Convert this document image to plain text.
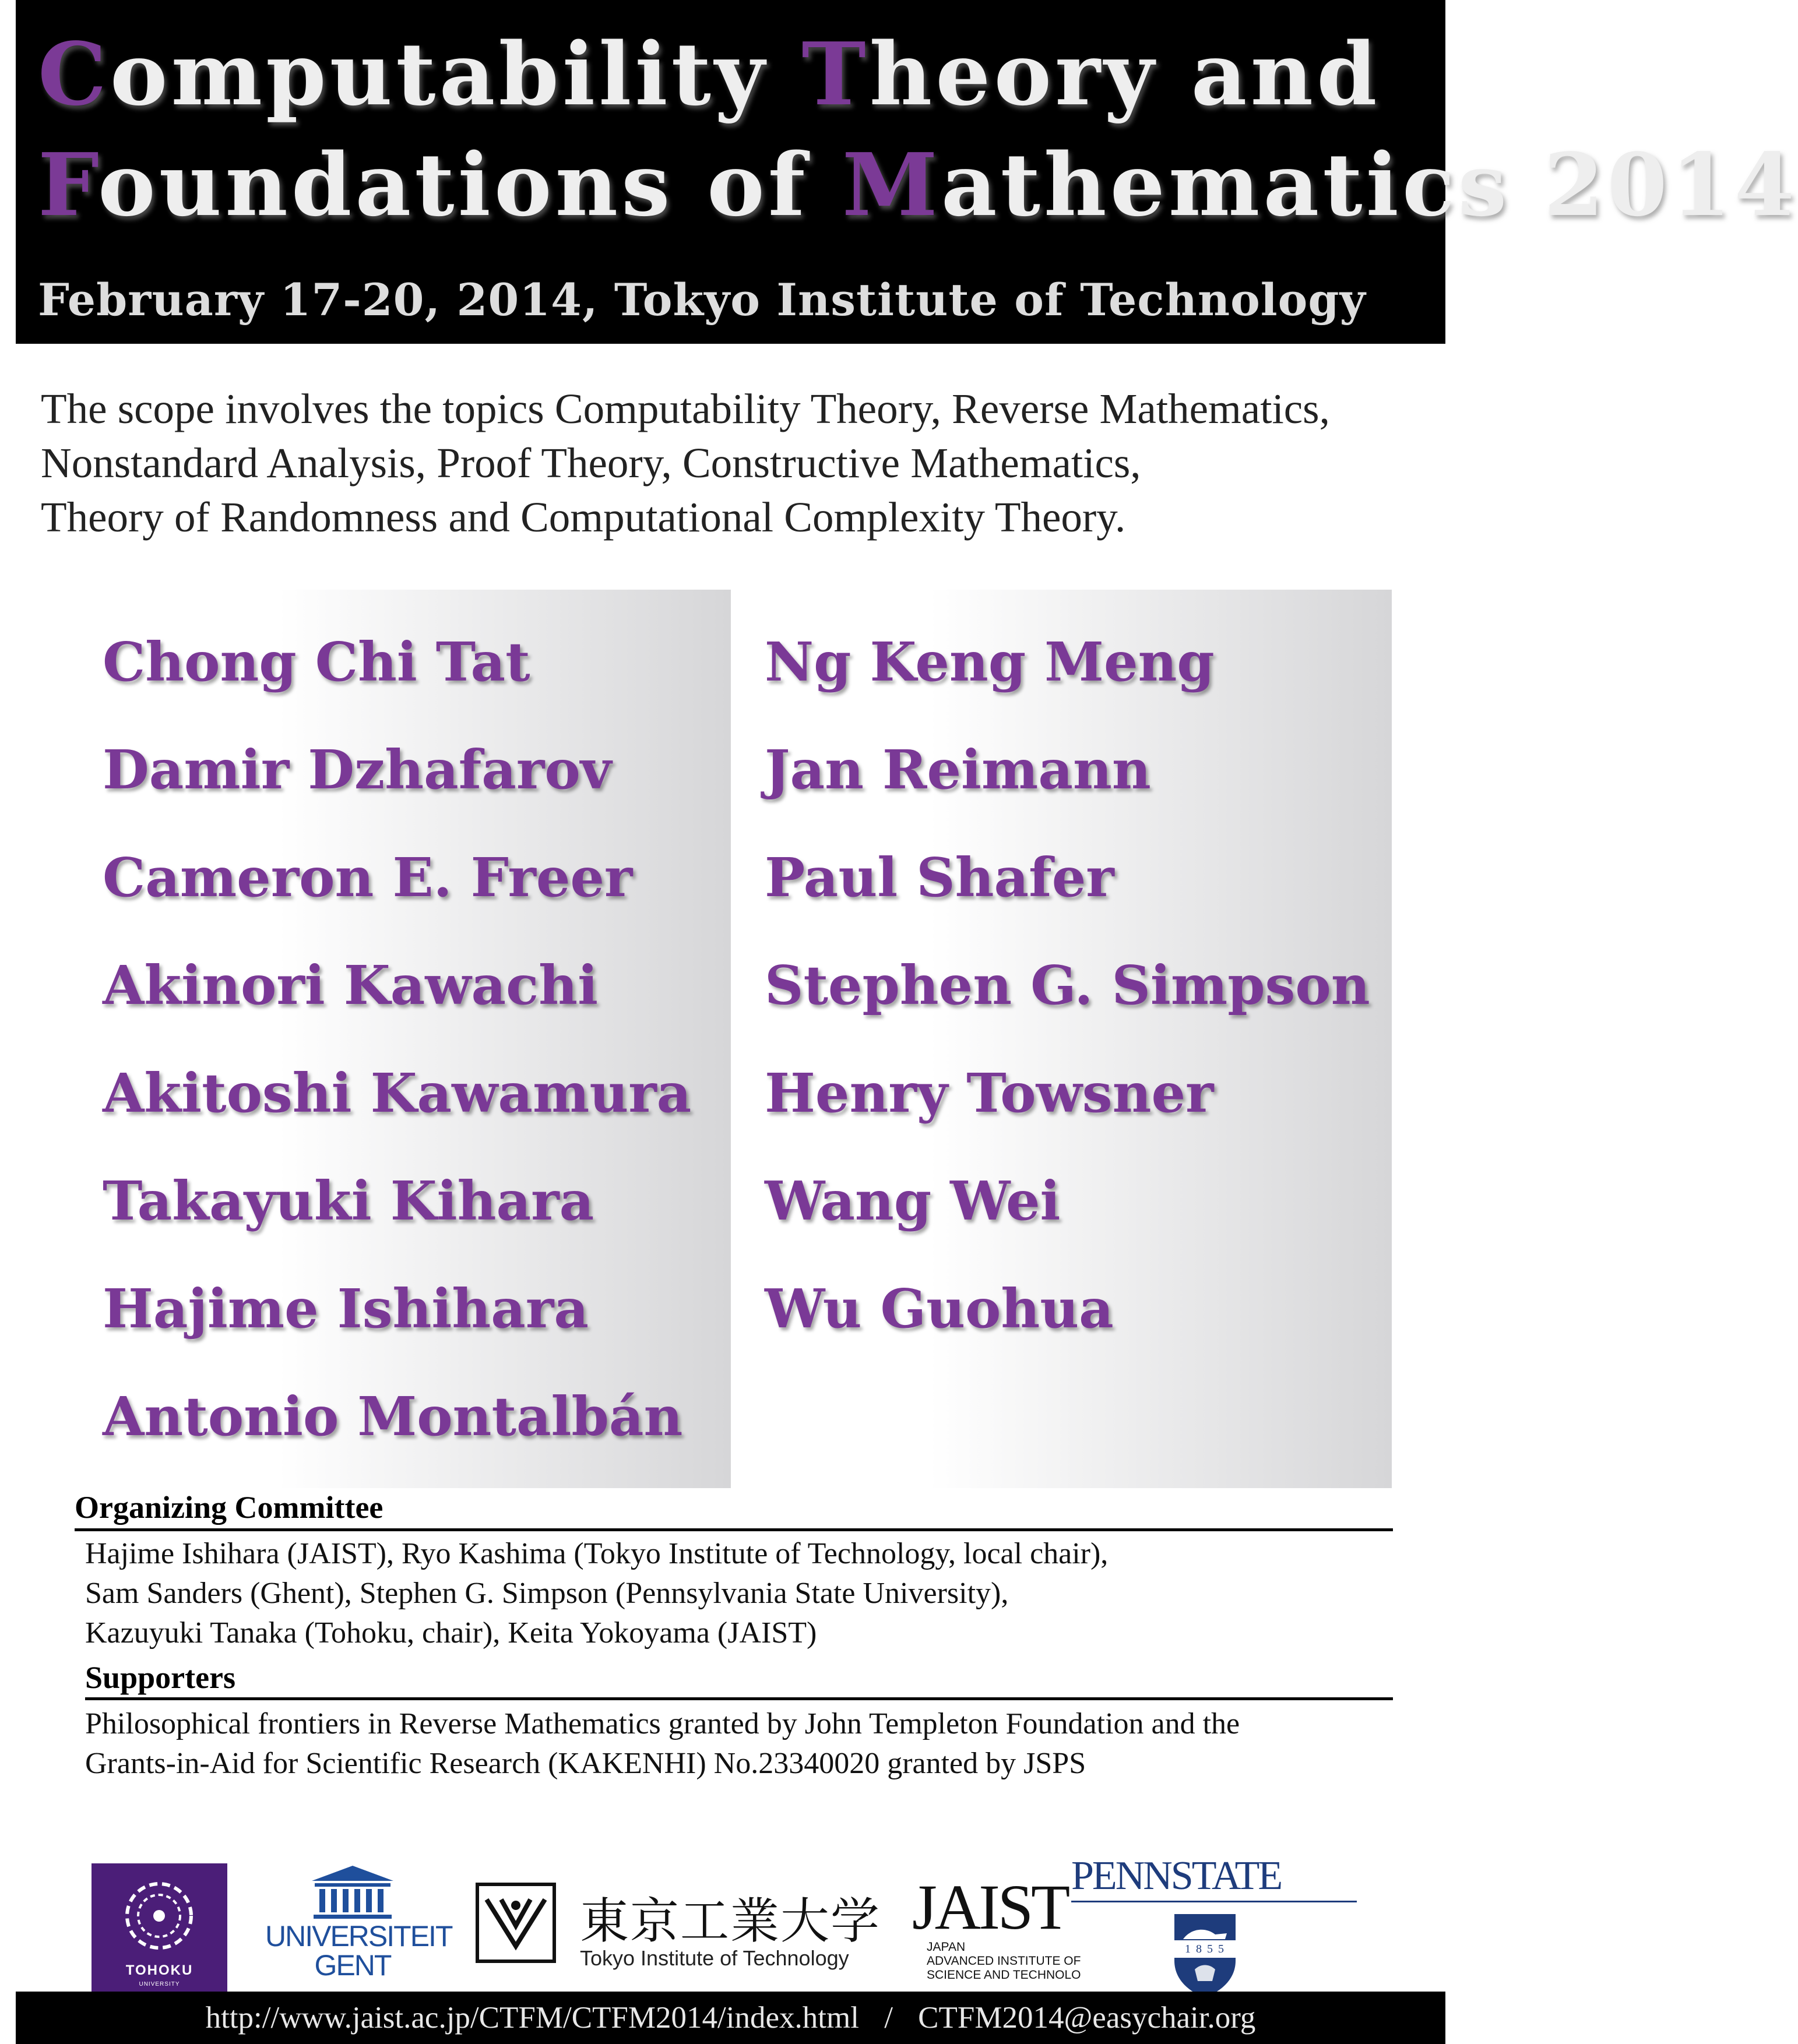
Computability Theory and
Foundations of Mathematics 2014
February 17-20, 2014, Tokyo Institute of Technology
The scope involves the topics Computability Theory, Reverse Mathematics,
Nonstandard Analysis, Proof Theory, Constructive Mathematics,
Theory of Randomness and Computational Complexity Theory.
Chong Chi Tat
Damir Dzhafarov
Cameron E. Freer
Akinori Kawachi
Akitoshi Kawamura
Takayuki Kihara
Hajime Ishihara
Antonio Montalbán
Ng Keng Meng
Jan Reimann
Paul Shafer
Stephen G. Simpson
Henry Towsner
Wang Wei
Wu Guohua
Organizing Committee
Hajime Ishihara (JAIST), Ryo Kashima (Tokyo Institute of Technology, local chair),
Sam Sanders (Ghent), Stephen G. Simpson (Pennsylvania State University),
Kazuyuki Tanaka (Tohoku, chair), Keita Yokoyama (JAIST)
Supporters
Philosophical frontiers in Reverse Mathematics granted by John Templeton Foundation and the
Grants-in-Aid for Scientific Research (KAKENHI) No.23340020 granted by JSPS
TOHOKU
UNIVERSITY
UNIVERSITEIT
GENT
東京工業大学
Tokyo Institute of Technology
JAIST
JAPAN
ADVANCED INSTITUTE OF
SCIENCE AND TECHNOLO
PENNSTATE
1 8 5 5
http://www.jaist.ac.jp/CTFM/CTFM2014/index.html / CTFM2014@easychair.org
